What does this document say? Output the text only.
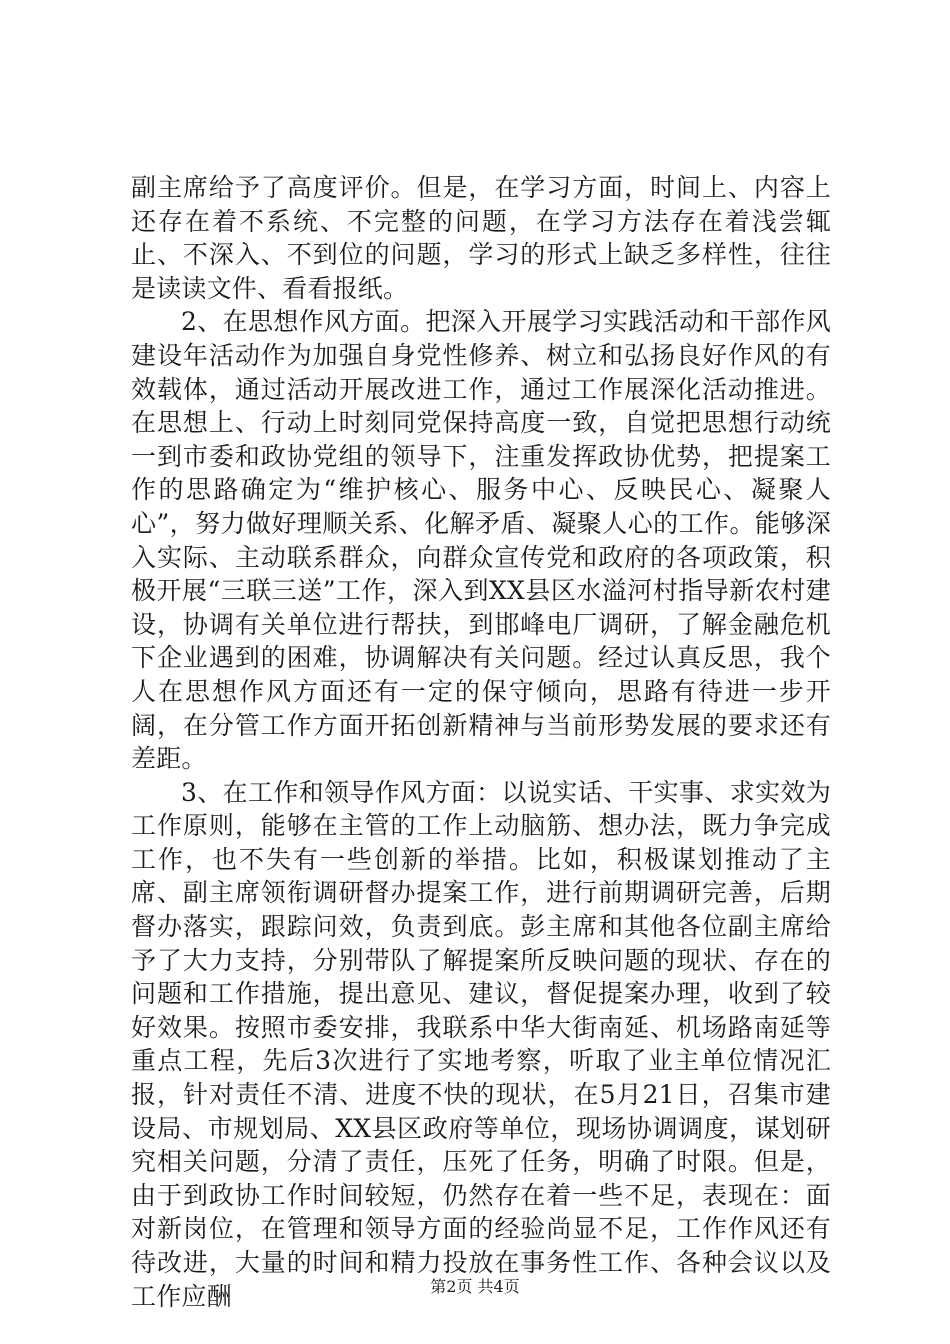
副主席给予了高度评价。但是，在学习方面，时间上、内容上还存在着不系统、不完整的问题，在学习方法存在着浅尝辄止、不深入、不到位的问题，学习的形式上缺乏多样性，往往是读读文件、看看报纸。

2、在思想作风方面。把深入开展学习实践活动和干部作风建设年活动作为加强自身党性修养、树立和弘扬良好作风的有效载体，通过活动开展改进工作，通过工作展深化活动推进。在思想上、行动上时刻同党保持高度一致，自觉把思想行动统一到市委和政协党组的领导下，注重发挥政协优势，把提案工作的思路确定为“维护核心、服务中心、反映民心、凝聚人心”，努力做好理顺关系、化解矛盾、凝聚人心的工作。能够深入实际、主动联系群众，向群众宣传党和政府的各项政策，积极开展“三联三送”工作，深入到XX县区水溢河村指导新农村建设，协调有关单位进行帮扶，到邯峰电厂调研，了解金融危机下企业遇到的困难，协调解决有关问题。经过认真反思，我个人在思想作风方面还有一定的保守倾向，思路有待进一步开阔，在分管工作方面开拓创新精神与当前形势发展的要求还有差距。

3、在工作和领导作风方面：以说实话、干实事、求实效为工作原则，能够在主管的工作上动脑筋、想办法，既力争完成工作，也不失有一些创新的举措。比如，积极谋划推动了主席、副主席领衔调研督办提案工作，进行前期调研完善，后期督办落实，跟踪问效，负责到底。彭主席和其他各位副主席给予了大力支持，分别带队了解提案所反映问题的现状、存在的问题和工作措施，提出意见、建议，督促提案办理，收到了较好效果。按照市委安排，我联系中华大街南延、机场路南延等重点工程，先后3次进行了实地考察，听取了业主单位情况汇报，针对责任不清、进度不快的现状，在5月21日，召集市建设局、市规划局、XX县区政府等单位，现场协调调度，谋划研究相关问题，分清了责任，压死了任务，明确了时限。但是，由于到政协工作时间较短，仍然存在着一些不足，表现在：面对新岗位，在管理和领导方面的经验尚显不足，工作作风还有待改进，大量的时间和精力投放在事务性工作、各种会议以及工作应酬	第2页 共4页
